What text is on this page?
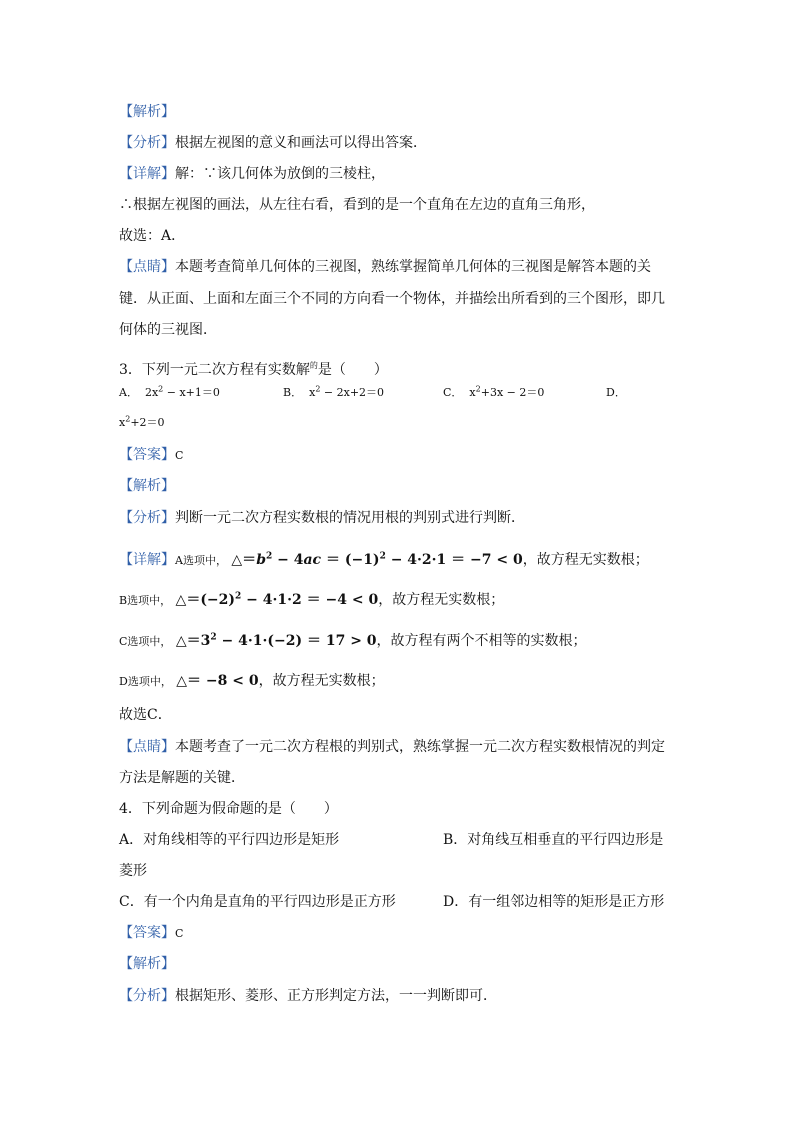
【解析】
【分析】根据左视图的意义和画法可以得出答案．
【详解】解：∵该几何体为放倒的三棱柱，
∴根据左视图的画法，从左往右看，看到的是一个直角在左边的直角三角形，
故选：A．
【点睛】本题考查简单几何体的三视图，熟练掌握简单几何体的三视图是解答本题的关
键．从正面、上面和左面三个不同的方向看一个物体，并描绘出所看到的三个图形，即几
何体的三视图．
3．下列一元二次方程有实数解$^的$是（　　）
A． $2x^2 - x+1=0$	B． $x^2 - 2x+2=0$	C． $x^2+3x - 2=0$	D．
$x^2+2=0$
【答案】C
【解析】
【分析】判断一元二次方程实数根的情况用根的判别式进行判断．
【详解】A选项中， $\triangle=b^2 - 4ac = (-1)^2 - 4\cdot 2\cdot 1 = -7 < 0$，故方程无实数根；
B选项中， $\triangle=(-2)^2 - 4\cdot 1\cdot 2 = -4 < 0$，故方程无实数根；
C选项中， $\triangle=3^2 - 4\cdot 1\cdot(-2) = 17 > 0$，故方程有两个不相等的实数根；
D选项中， △＝ −8 < 0，故方程无实数根；
故选C．
【点睛】本题考查了一元二次方程根的判别式，熟练掌握一元二次方程实数根情况的判定
方法是解题的关键．
4．下列命题为假命题的是（　　）
A．对角线相等的平行四边形是矩形	B．对角线互相垂直的平行四边形是
菱形
C．有一个内角是直角的平行四边形是正方形	D．有一组邻边相等的矩形是正方形
【答案】C
【解析】
【分析】根据矩形、菱形、正方形判定方法，一一判断即可．
